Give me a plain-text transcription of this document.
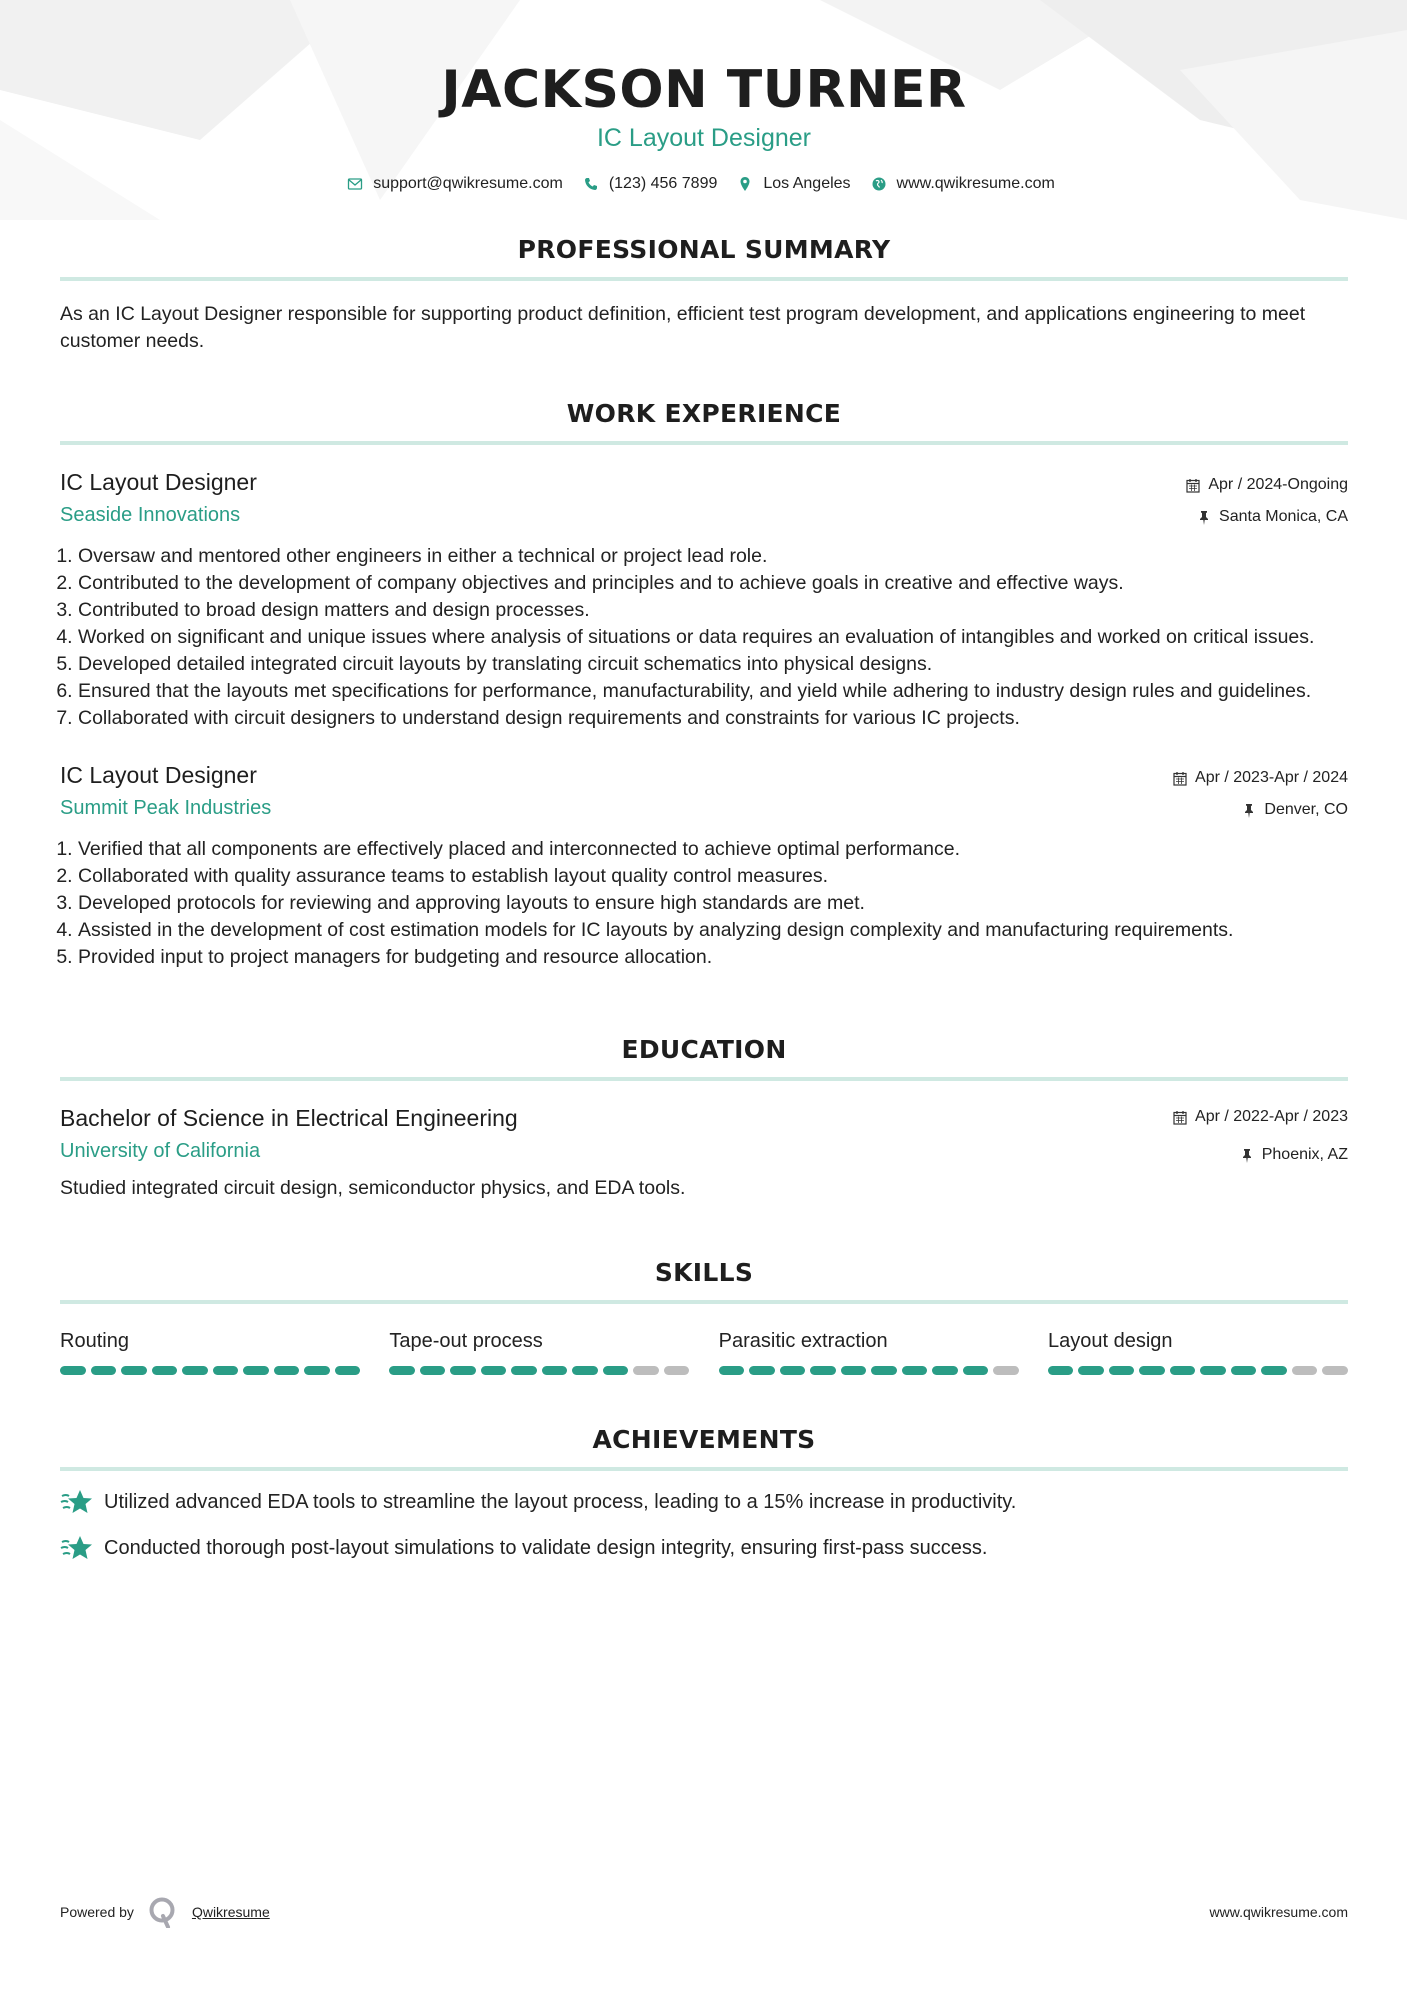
JACKSON TURNER
IC Layout Designer
support@qwikresume.com	(123) 456 7899	Los Angeles	www.qwikresume.com
PROFESSIONAL SUMMARY
As an IC Layout Designer responsible for supporting product definition, efficient test program development, and applications engineering to meet customer needs.
WORK EXPERIENCE
IC Layout Designer
Seaside Innovations
Apr / 2024-Ongoing
Santa Monica, CA
1. Oversaw and mentored other engineers in either a technical or project lead role.
2. Contributed to the development of company objectives and principles and to achieve goals in creative and effective ways.
3. Contributed to broad design matters and design processes.
4. Worked on significant and unique issues where analysis of situations or data requires an evaluation of intangibles and worked on critical issues.
5. Developed detailed integrated circuit layouts by translating circuit schematics into physical designs.
6. Ensured that the layouts met specifications for performance, manufacturability, and yield while adhering to industry design rules and guidelines.
7. Collaborated with circuit designers to understand design requirements and constraints for various IC projects.
IC Layout Designer
Summit Peak Industries
Apr / 2023-Apr / 2024
Denver, CO
1. Verified that all components are effectively placed and interconnected to achieve optimal performance.
2. Collaborated with quality assurance teams to establish layout quality control measures.
3. Developed protocols for reviewing and approving layouts to ensure high standards are met.
4. Assisted in the development of cost estimation models for IC layouts by analyzing design complexity and manufacturing requirements.
5. Provided input to project managers for budgeting and resource allocation.
EDUCATION
Bachelor of Science in Electrical Engineering
University of California
Apr / 2022-Apr / 2023
Phoenix, AZ
Studied integrated circuit design, semiconductor physics, and EDA tools.
SKILLS
Routing	Tape-out process	Parasitic extraction	Layout design
ACHIEVEMENTS
Utilized advanced EDA tools to streamline the layout process, leading to a 15% increase in productivity.
Conducted thorough post-layout simulations to validate design integrity, ensuring first-pass success.
Powered by	Qwikresume	www.qwikresume.com
